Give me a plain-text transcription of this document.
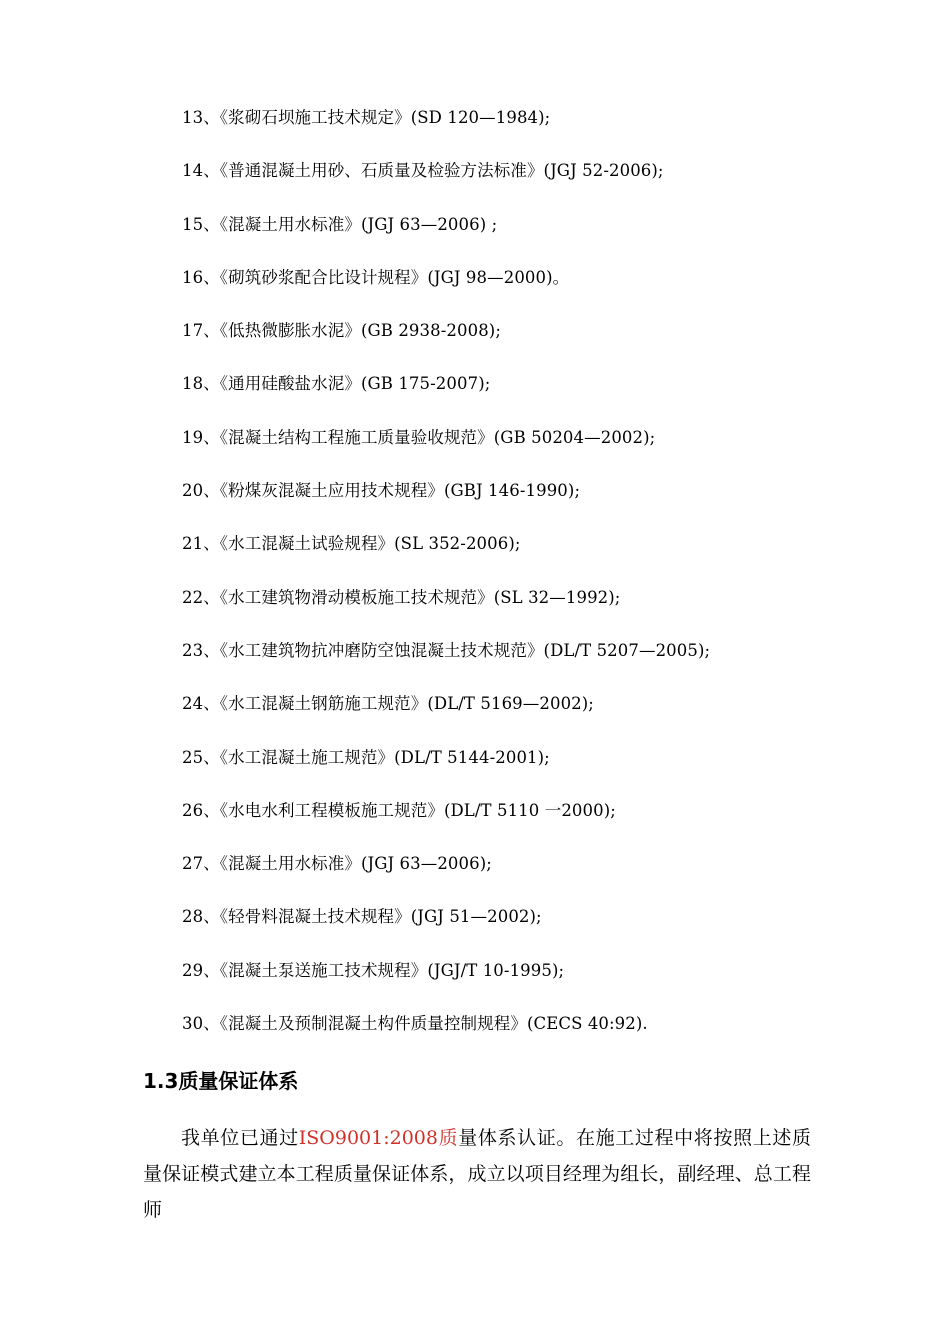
13、《浆砌石坝施工技术规定》(SD 120—1984);
14、《普通混凝土用砂、石质量及检验方法标准》(JGJ 52-2006);
15、《混凝土用水标准》(JGJ 63—2006) ;
16、《砌筑砂浆配合比设计规程》(JGJ 98—2000)。
17、《低热微膨胀水泥》(GB 2938-2008);
18、《通用硅酸盐水泥》(GB 175-2007);
19、《混凝土结构工程施工质量验收规范》(GB 50204—2002);
20、《粉煤灰混凝土应用技术规程》(GBJ 146-1990);
21、《水工混凝土试验规程》(SL 352-2006);
22、《水工建筑物滑动模板施工技术规范》(SL 32—1992);
23、《水工建筑物抗冲磨防空蚀混凝土技术规范》(DL/T 5207—2005);
24、《水工混凝土钢筋施工规范》(DL/T 5169—2002);
25、《水工混凝土施工规范》(DL/T 5144-2001);
26、《水电水利工程模板施工规范》(DL/T 5110 一2000);
27、《混凝土用水标准》(JGJ 63—2006);
28、《轻骨料混凝土技术规程》(JGJ 51—2002);
29、《混凝土泵送施工技术规程》(JGJ/T 10-1995);
30、《混凝土及预制混凝土构件质量控制规程》(CECS 40:92).
1.3质量保证体系

我单位已通过ISO9001:2008质量体系认证。在施工过程中将按照上述质量保证模式建立本工程质量保证体系，成立以项目经理为组长，副经理、总工程师
